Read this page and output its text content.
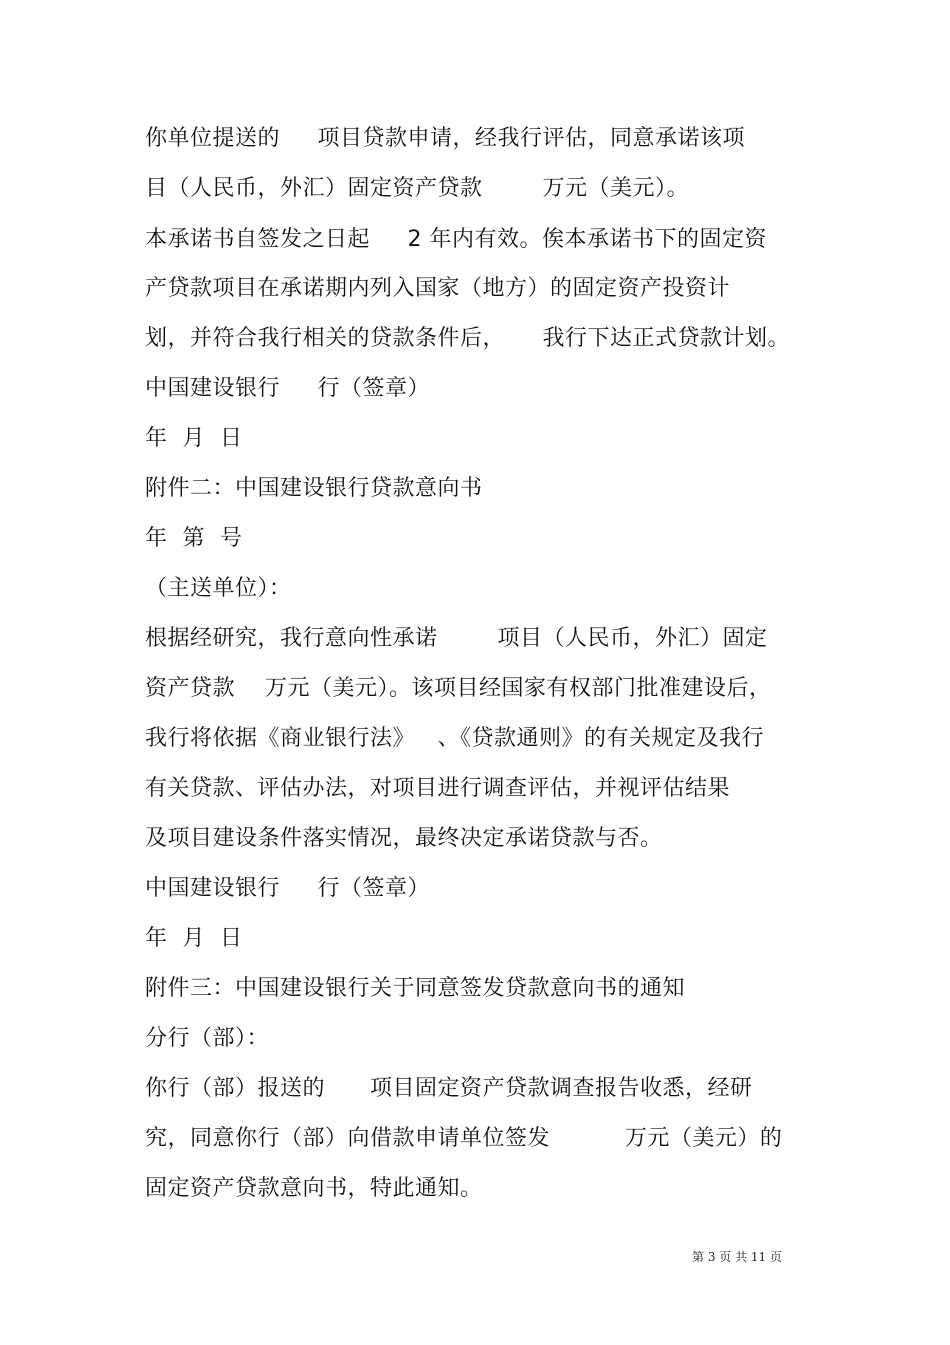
你单位提送的     项目贷款申请，经我行评估，同意承诺该项
目（人民币，外汇）固定资产贷款        万元（美元）。
本承诺书自签发之日起     2 年内有效。俟本承诺书下的固定资
产贷款项目在承诺期内列入国家（地方）的固定资产投资计
划，并符合我行相关的贷款条件后，     我行下达正式贷款计划。
中国建设银行     行（签章）
年  月  日
附件二：中国建设银行贷款意向书
年  第  号
（主送单位）：
根据经研究，我行意向性承诺        项目（人民币，外汇）固定
资产贷款    万元（美元）。该项目经国家有权部门批准建设后，
我行将依据《商业银行法》   、《贷款通则》的有关规定及我行
有关贷款、评估办法，对项目进行调查评估，并视评估结果
及项目建设条件落实情况，最终决定承诺贷款与否。
中国建设银行     行（签章）
年  月  日
附件三：中国建设银行关于同意签发贷款意向书的通知
分行（部）：
你行（部）报送的      项目固定资产贷款调查报告收悉，经研
究，同意你行（部）向借款申请单位签发          万元（美元）的
固定资产贷款意向书，特此通知。
第 3 页 共 11 页
